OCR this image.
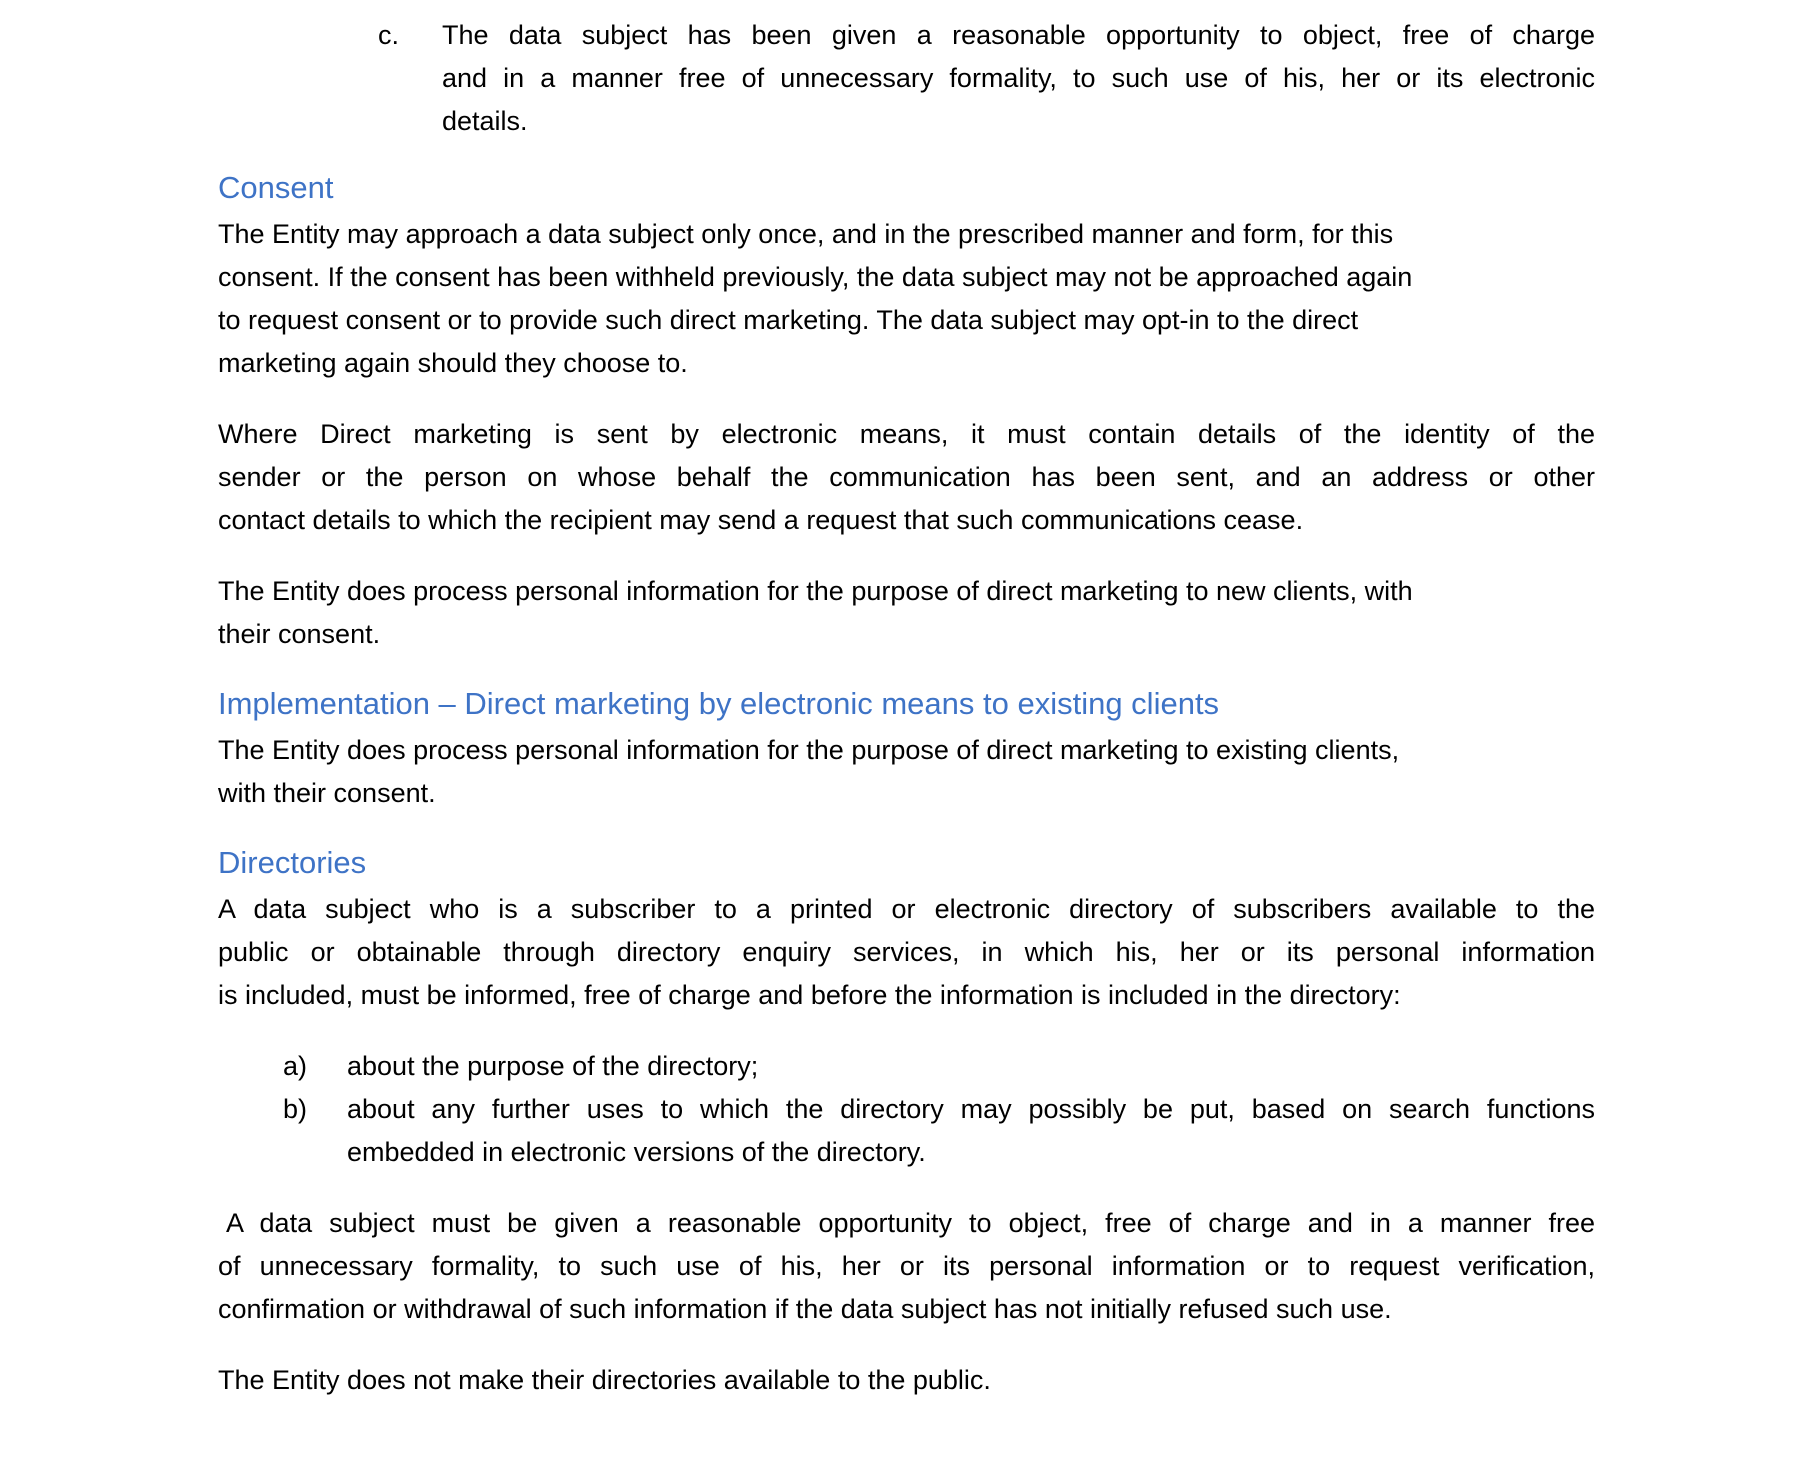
c.	The data subject has been given a reasonable opportunity to object, free of charge
and in a manner free of unnecessary formality, to such use of his, her or its electronic
details.
Consent
The Entity may approach a data subject only once, and in the prescribed manner and form, for this
consent. If the consent has been withheld previously, the data subject may not be approached again
to request consent or to provide such direct marketing. The data subject may opt-in to the direct
marketing again should they choose to.
Where Direct marketing is sent by electronic means, it must contain details of the identity of the
sender or the person on whose behalf the communication has been sent, and an address or other
contact details to which the recipient may send a request that such communications cease.
The Entity does process personal information for the purpose of direct marketing to new clients, with
their consent.
Implementation – Direct marketing by electronic means to existing clients
The Entity does process personal information for the purpose of direct marketing to existing clients,
with their consent.
Directories
A data subject who is a subscriber to a printed or electronic directory of subscribers available to the
public or obtainable through directory enquiry services, in which his, her or its personal information
is included, must be informed, free of charge and before the information is included in the directory:
a)	about the purpose of the directory;
b)	about any further uses to which the directory may possibly be put, based on search functions
embedded in electronic versions of the directory.
A data subject must be given a reasonable opportunity to object, free of charge and in a manner free
of unnecessary formality, to such use of his, her or its personal information or to request verification,
confirmation or withdrawal of such information if the data subject has not initially refused such use.
The Entity does not make their directories available to the public.
